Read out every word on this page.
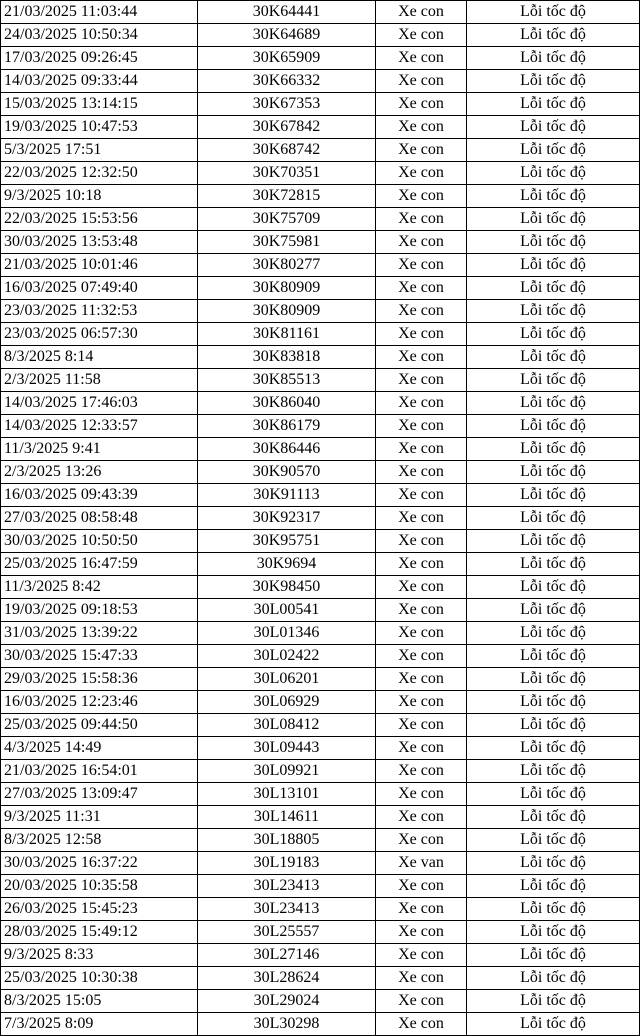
21/03/2025 11:03:44	30K64441	Xe con	Lỗi tốc độ
24/03/2025 10:50:34	30K64689	Xe con	Lỗi tốc độ
17/03/2025 09:26:45	30K65909	Xe con	Lỗi tốc độ
14/03/2025 09:33:44	30K66332	Xe con	Lỗi tốc độ
15/03/2025 13:14:15	30K67353	Xe con	Lỗi tốc độ
19/03/2025 10:47:53	30K67842	Xe con	Lỗi tốc độ
5/3/2025 17:51	30K68742	Xe con	Lỗi tốc độ
22/03/2025 12:32:50	30K70351	Xe con	Lỗi tốc độ
9/3/2025 10:18	30K72815	Xe con	Lỗi tốc độ
22/03/2025 15:53:56	30K75709	Xe con	Lỗi tốc độ
30/03/2025 13:53:48	30K75981	Xe con	Lỗi tốc độ
21/03/2025 10:01:46	30K80277	Xe con	Lỗi tốc độ
16/03/2025 07:49:40	30K80909	Xe con	Lỗi tốc độ
23/03/2025 11:32:53	30K80909	Xe con	Lỗi tốc độ
23/03/2025 06:57:30	30K81161	Xe con	Lỗi tốc độ
8/3/2025 8:14	30K83818	Xe con	Lỗi tốc độ
2/3/2025 11:58	30K85513	Xe con	Lỗi tốc độ
14/03/2025 17:46:03	30K86040	Xe con	Lỗi tốc độ
14/03/2025 12:33:57	30K86179	Xe con	Lỗi tốc độ
11/3/2025 9:41	30K86446	Xe con	Lỗi tốc độ
2/3/2025 13:26	30K90570	Xe con	Lỗi tốc độ
16/03/2025 09:43:39	30K91113	Xe con	Lỗi tốc độ
27/03/2025 08:58:48	30K92317	Xe con	Lỗi tốc độ
30/03/2025 10:50:50	30K95751	Xe con	Lỗi tốc độ
25/03/2025 16:47:59	30K9694	Xe con	Lỗi tốc độ
11/3/2025 8:42	30K98450	Xe con	Lỗi tốc độ
19/03/2025 09:18:53	30L00541	Xe con	Lỗi tốc độ
31/03/2025 13:39:22	30L01346	Xe con	Lỗi tốc độ
30/03/2025 15:47:33	30L02422	Xe con	Lỗi tốc độ
29/03/2025 15:58:36	30L06201	Xe con	Lỗi tốc độ
16/03/2025 12:23:46	30L06929	Xe con	Lỗi tốc độ
25/03/2025 09:44:50	30L08412	Xe con	Lỗi tốc độ
4/3/2025 14:49	30L09443	Xe con	Lỗi tốc độ
21/03/2025 16:54:01	30L09921	Xe con	Lỗi tốc độ
27/03/2025 13:09:47	30L13101	Xe con	Lỗi tốc độ
9/3/2025 11:31	30L14611	Xe con	Lỗi tốc độ
8/3/2025 12:58	30L18805	Xe con	Lỗi tốc độ
30/03/2025 16:37:22	30L19183	Xe van	Lỗi tốc độ
20/03/2025 10:35:58	30L23413	Xe con	Lỗi tốc độ
26/03/2025 15:45:23	30L23413	Xe con	Lỗi tốc độ
28/03/2025 15:49:12	30L25557	Xe con	Lỗi tốc độ
9/3/2025 8:33	30L27146	Xe con	Lỗi tốc độ
25/03/2025 10:30:38	30L28624	Xe con	Lỗi tốc độ
8/3/2025 15:05	30L29024	Xe con	Lỗi tốc độ
7/3/2025 8:09	30L30298	Xe con	Lỗi tốc độ
